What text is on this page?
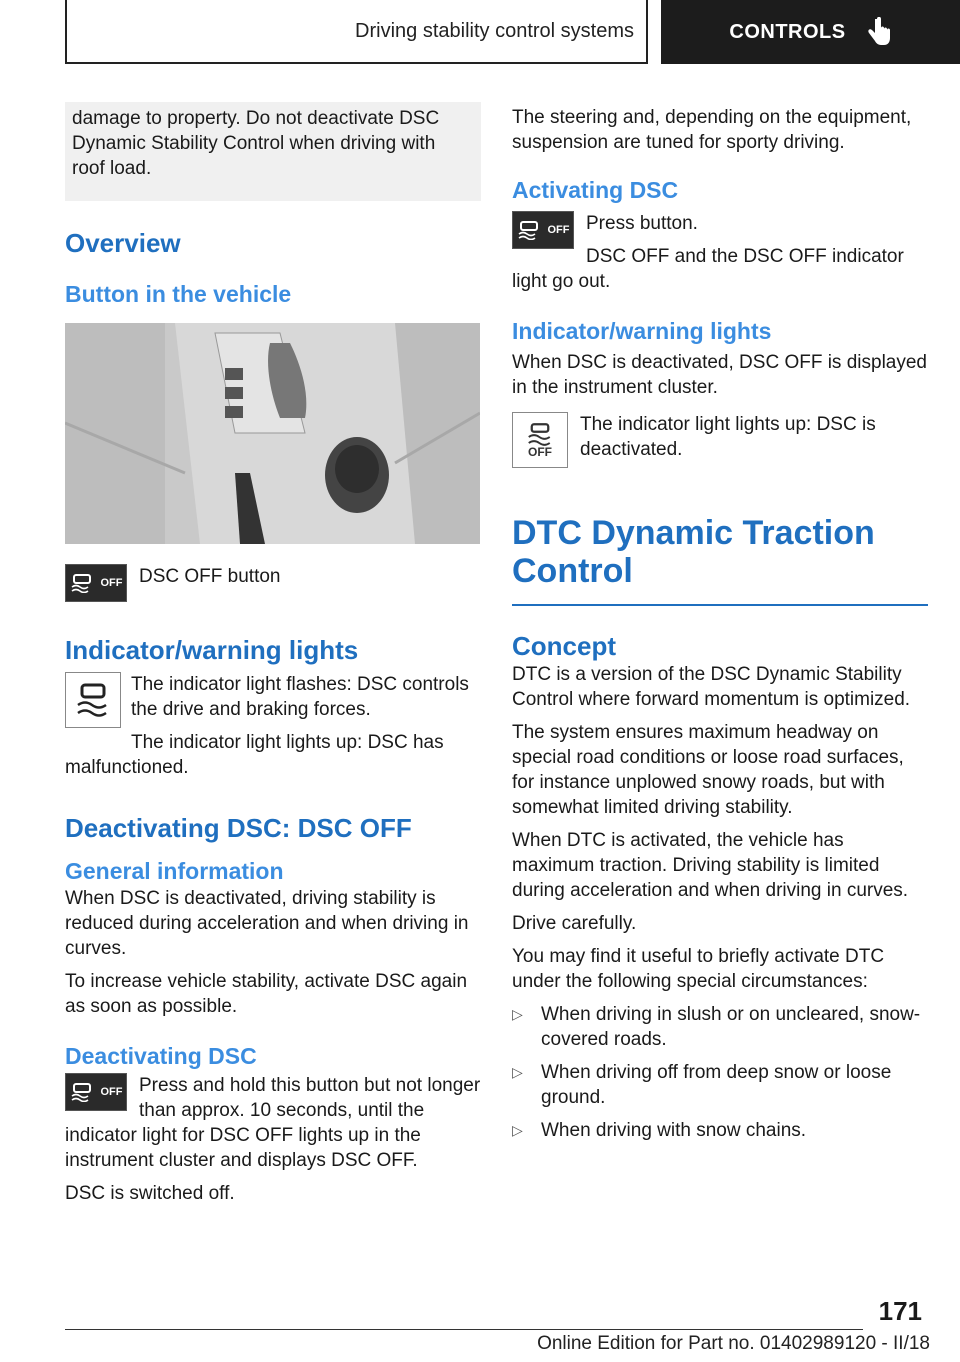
Driving stability control systems	CONTROLS
damage to property. Do not deactivate DSC Dynamic Stability Control when driving with roof load.
Overview
Button in the vehicle
OFF DSC OFF button
Indicator/warning lights

The indicator light flashes: DSC controls the drive and braking forces.

The indicator light lights up: DSC has malfunctioned.

Deactivating DSC: DSC OFF
General information

When DSC is deactivated, driving stability is reduced during acceleration and when driving in curves.

To increase vehicle stability, activate DSC again as soon as possible.

Deactivating DSC
OFF Press and hold this button but not longer than approx. 10 seconds, until the indicator light for DSC OFF lights up in the instrument cluster and displays DSC OFF.

DSC is switched off.

The steering and, depending on the equipment, suspension are tuned for sporty driving.

Activating DSC
OFF Press button.

DSC OFF and the DSC OFF indicator light go out.

Indicator/warning lights

When DSC is deactivated, DSC OFF is displayed in the instrument cluster.

OFF

The indicator light lights up: DSC is deactivated.

DTC Dynamic Traction Control
Concept

DTC is a version of the DSC Dynamic Stability Control where forward momentum is optimized.

The system ensures maximum headway on special road conditions or loose road surfaces, for instance unplowed snowy roads, but with somewhat limited driving stability.

When DTC is activated, the vehicle has maximum traction. Driving stability is limited during acceleration and when driving in curves.

Drive carefully.

You may find it useful to briefly activate DTC under the following special circumstances:

▷ When driving in slush or on uncleared, snow-covered roads.
▷ When driving off from deep snow or loose ground.
▷ When driving with snow chains.
171
Online Edition for Part no. 01402989120 - II/18
